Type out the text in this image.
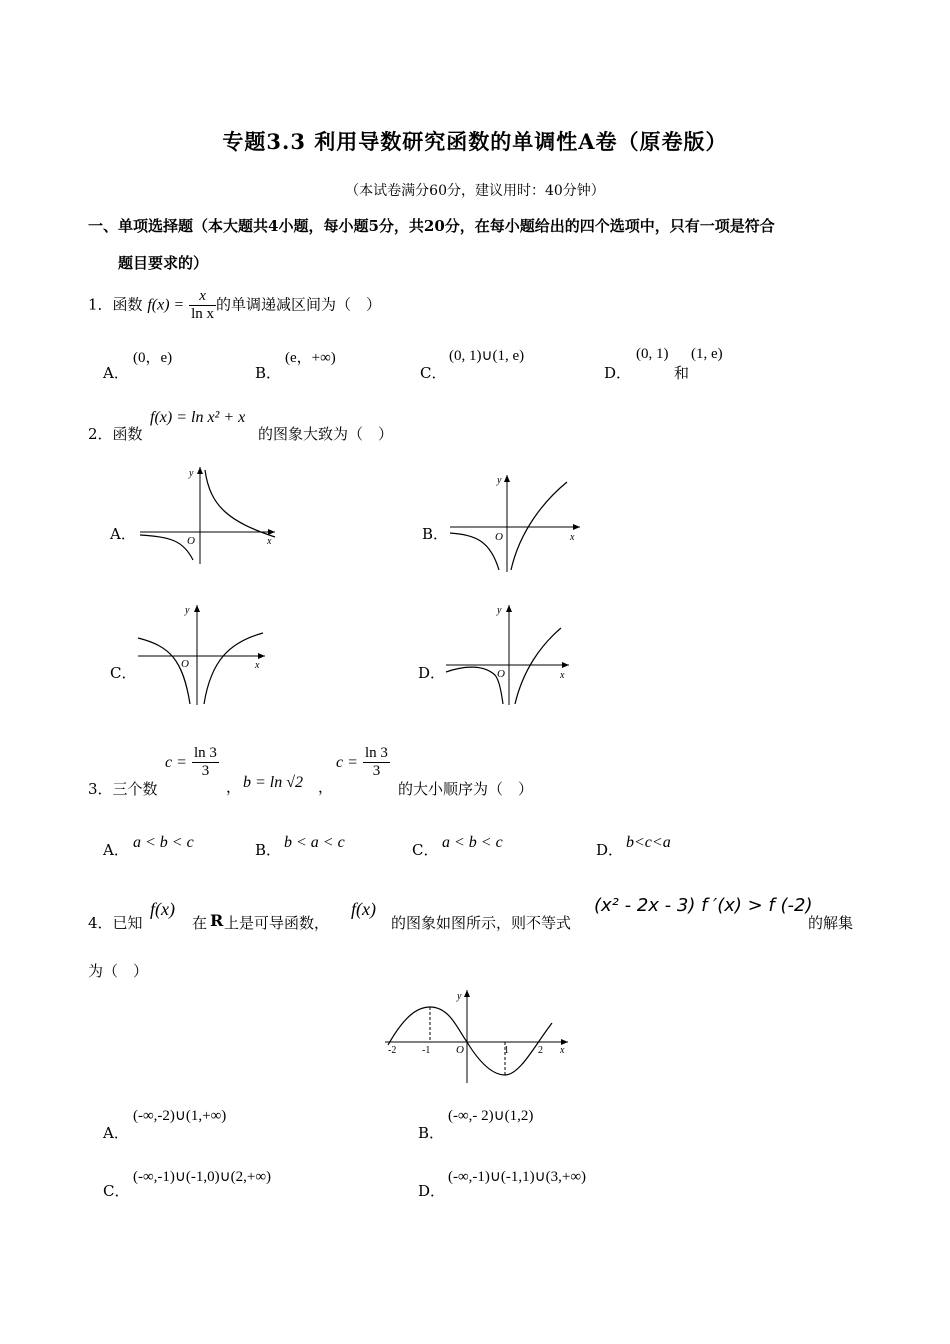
专题3.3 利用导数研究函数的单调性A卷（原卷版）
（本试卷满分60分，建议用时：40分钟）
一、单项选择题（本大题共4小题，每小题5分，共20分，在每小题给出的四个选项中，只有一项是符合
题目要求的）
1．函数 $f(x) = \frac{x}{\text{ln x}}$ 的单调递减区间为（　）
A．
(0，e)
B．
(e，+∞)
C．
(0, 1)∪(1, e)
D．
(0, 1)
和
(1, e)
2．函数
f(x) = ln x² + x
的图象大致为（　）
A．
y
x
O	B．
y
x
O
C．
y
x
O	D．
y
x
O
3．三个数
$c = \frac{\ln 3}{3}$
， b = ln √2 ，
$c = \frac{\ln 3}{3}$
的大小顺序为（　）
A． a < b < c	B． b < a < c	C． a < b < c	D． b<c<a
4．已知
f(x)
在 R 上是可导函数，
f(x)
的图象如图所示，则不等式
(x² - 2x - 3) f ′(x) > f (-2)
的解集
为（　）
-2	-1 O	1	2 x
y
A．
(-∞,-2)∪(1,+∞)
B．
(-∞,- 2)∪(1,2)
C．
(-∞,-1)∪(-1,0)∪(2,+∞)
D．
(-∞,-1)∪(-1,1)∪(3,+∞)
